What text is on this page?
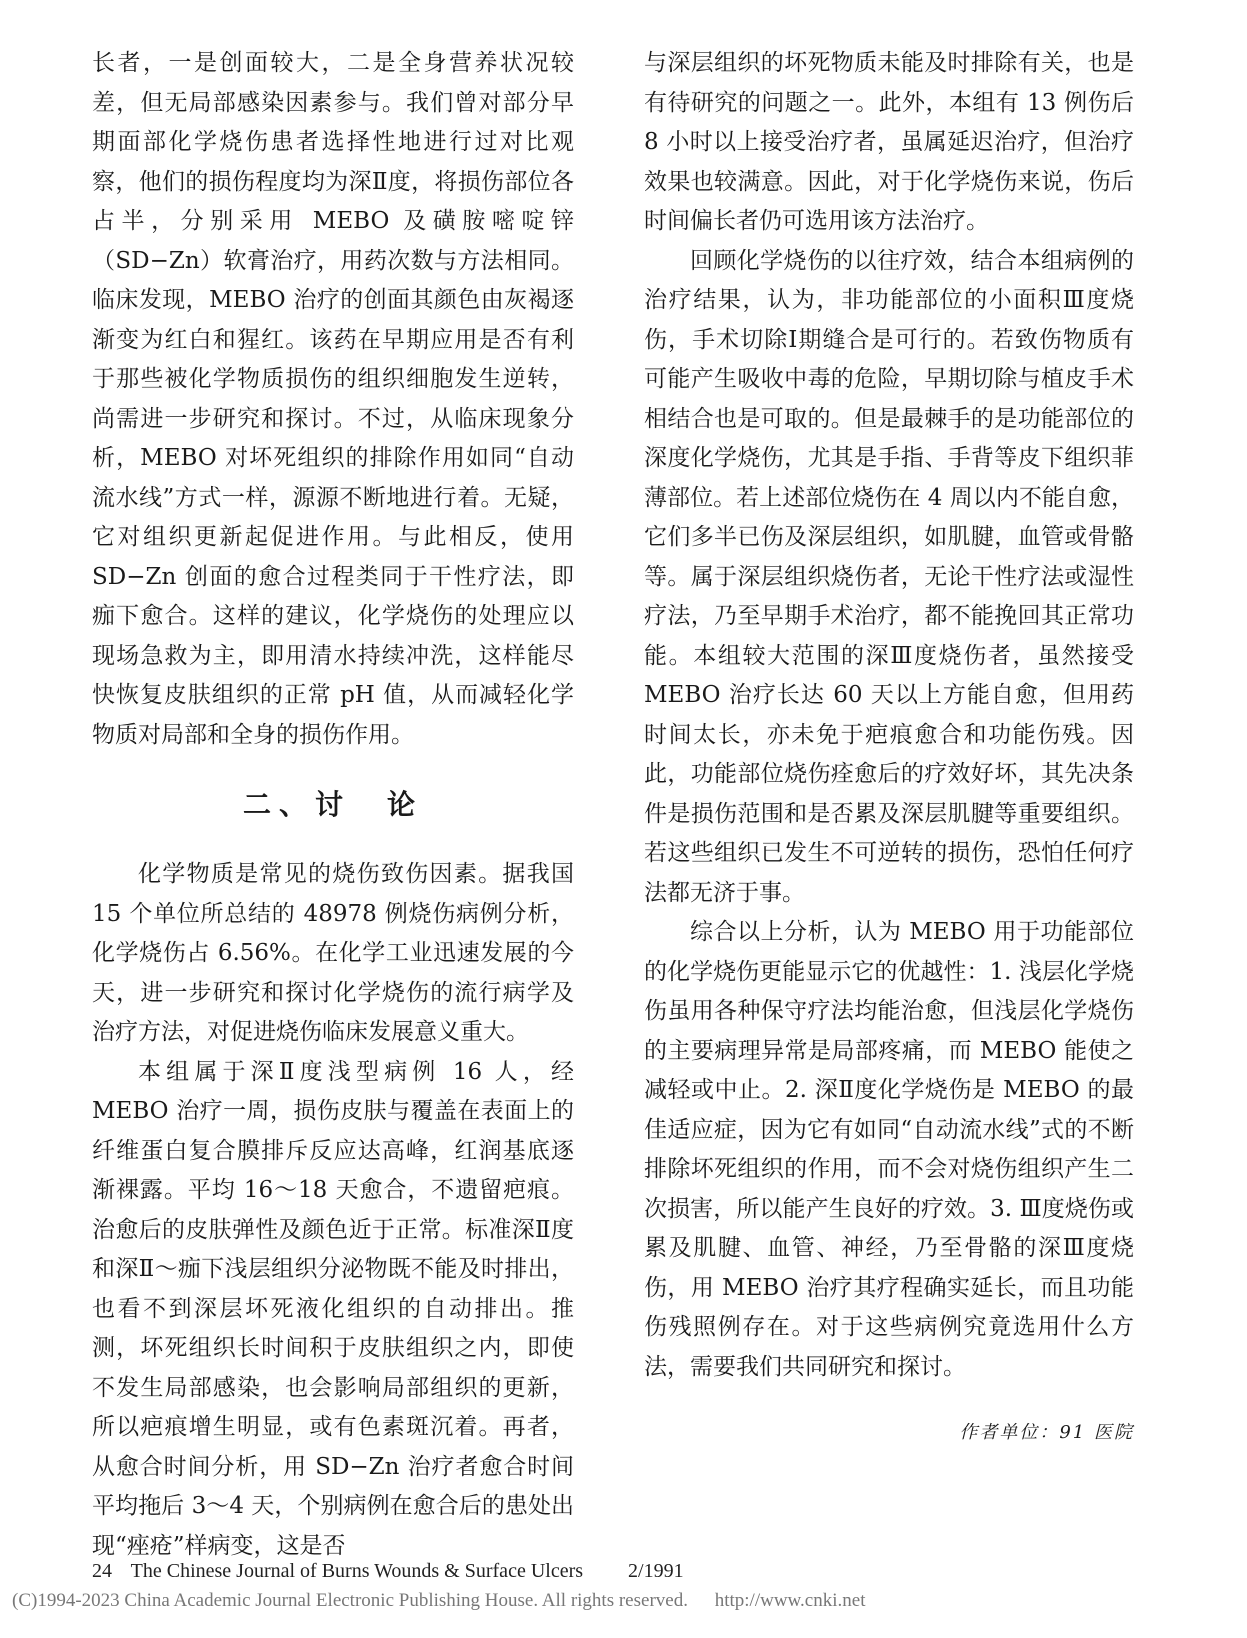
长者，一是创面较大，二是全身营养状况较差，但无局部感染因素参与。我们曾对部分早期面部化学烧伤患者选择性地进行过对比观察，他们的损伤程度均为深Ⅱ度，将损伤部位各占半，分别采用 MEBO 及磺胺嘧啶锌（SD−Zn）软膏治疗，用药次数与方法相同。临床发现，MEBO 治疗的创面其颜色由灰褐逐渐变为红白和猩红。该药在早期应用是否有利于那些被化学物质损伤的组织细胞发生逆转，尚需进一步研究和探讨。不过，从临床现象分析，MEBO 对坏死组织的排除作用如同“自动流水线”方式一样，源源不断地进行着。无疑，它对组织更新起促进作用。与此相反，使用 SD−Zn 创面的愈合过程类同于干性疗法，即痂下愈合。这样的建议，化学烧伤的处理应以现场急救为主，即用清水持续冲洗，这样能尽快恢复皮肤组织的正常 pH 值，从而减轻化学物质对局部和全身的损伤作用。

二、讨　论

化学物质是常见的烧伤致伤因素。据我国 15 个单位所总结的 48978 例烧伤病例分析，化学烧伤占 6.56%。在化学工业迅速发展的今天，进一步研究和探讨化学烧伤的流行病学及治疗方法，对促进烧伤临床发展意义重大。

本组属于深Ⅱ度浅型病例 16 人，经 MEBO 治疗一周，损伤皮肤与覆盖在表面上的纤维蛋白复合膜排斥反应达高峰，红润基底逐渐裸露。平均 16～18 天愈合，不遗留疤痕。治愈后的皮肤弹性及颜色近于正常。标准深Ⅱ度和深Ⅱ～痂下浅层组织分泌物既不能及时排出，也看不到深层坏死液化组织的自动排出。推测，坏死组织长时间积于皮肤组织之内，即使不发生局部感染，也会影响局部组织的更新，所以疤痕增生明显，或有色素斑沉着。再者，从愈合时间分析，用 SD−Zn 治疗者愈合时间平均拖后 3～4 天，个别病例在愈合后的患处出现“痤疮”样病变，这是否

与深层组织的坏死物质未能及时排除有关，也是有待研究的问题之一。此外，本组有 13 例伤后 8 小时以上接受治疗者，虽属延迟治疗，但治疗效果也较满意。因此，对于化学烧伤来说，伤后时间偏长者仍可选用该方法治疗。

回顾化学烧伤的以往疗效，结合本组病例的治疗结果，认为，非功能部位的小面积Ⅲ度烧伤，手术切除Ⅰ期缝合是可行的。若致伤物质有可能产生吸收中毒的危险，早期切除与植皮手术相结合也是可取的。但是最棘手的是功能部位的深度化学烧伤，尤其是手指、手背等皮下组织菲薄部位。若上述部位烧伤在 4 周以内不能自愈，它们多半已伤及深层组织，如肌腱，血管或骨骼等。属于深层组织烧伤者，无论干性疗法或湿性疗法，乃至早期手术治疗，都不能挽回其正常功能。本组较大范围的深Ⅲ度烧伤者，虽然接受 MEBO 治疗长达 60 天以上方能自愈，但用药时间太长，亦未免于疤痕愈合和功能伤残。因此，功能部位烧伤痊愈后的疗效好坏，其先决条件是损伤范围和是否累及深层肌腱等重要组织。若这些组织已发生不可逆转的损伤，恐怕任何疗法都无济于事。

综合以上分析，认为 MEBO 用于功能部位的化学烧伤更能显示它的优越性：1. 浅层化学烧伤虽用各种保守疗法均能治愈，但浅层化学烧伤的主要病理异常是局部疼痛，而 MEBO 能使之减轻或中止。2. 深Ⅱ度化学烧伤是 MEBO 的最佳适应症，因为它有如同“自动流水线”式的不断排除坏死组织的作用，而不会对烧伤组织产生二次损害，所以能产生良好的疗效。3. Ⅲ度烧伤或累及肌腱、血管、神经，乃至骨骼的深Ⅲ度烧伤，用 MEBO 治疗其疗程确实延长，而且功能伤残照例存在。对于这些病例究竟选用什么方法，需要我们共同研究和探讨。

作者单位：91 医院
24 The Chinese Journal of Burns Wounds & Surface Ulcers 2/1991
(C)1994-2023 China Academic Journal Electronic Publishing House. All rights reserved. http://www.cnki.net
